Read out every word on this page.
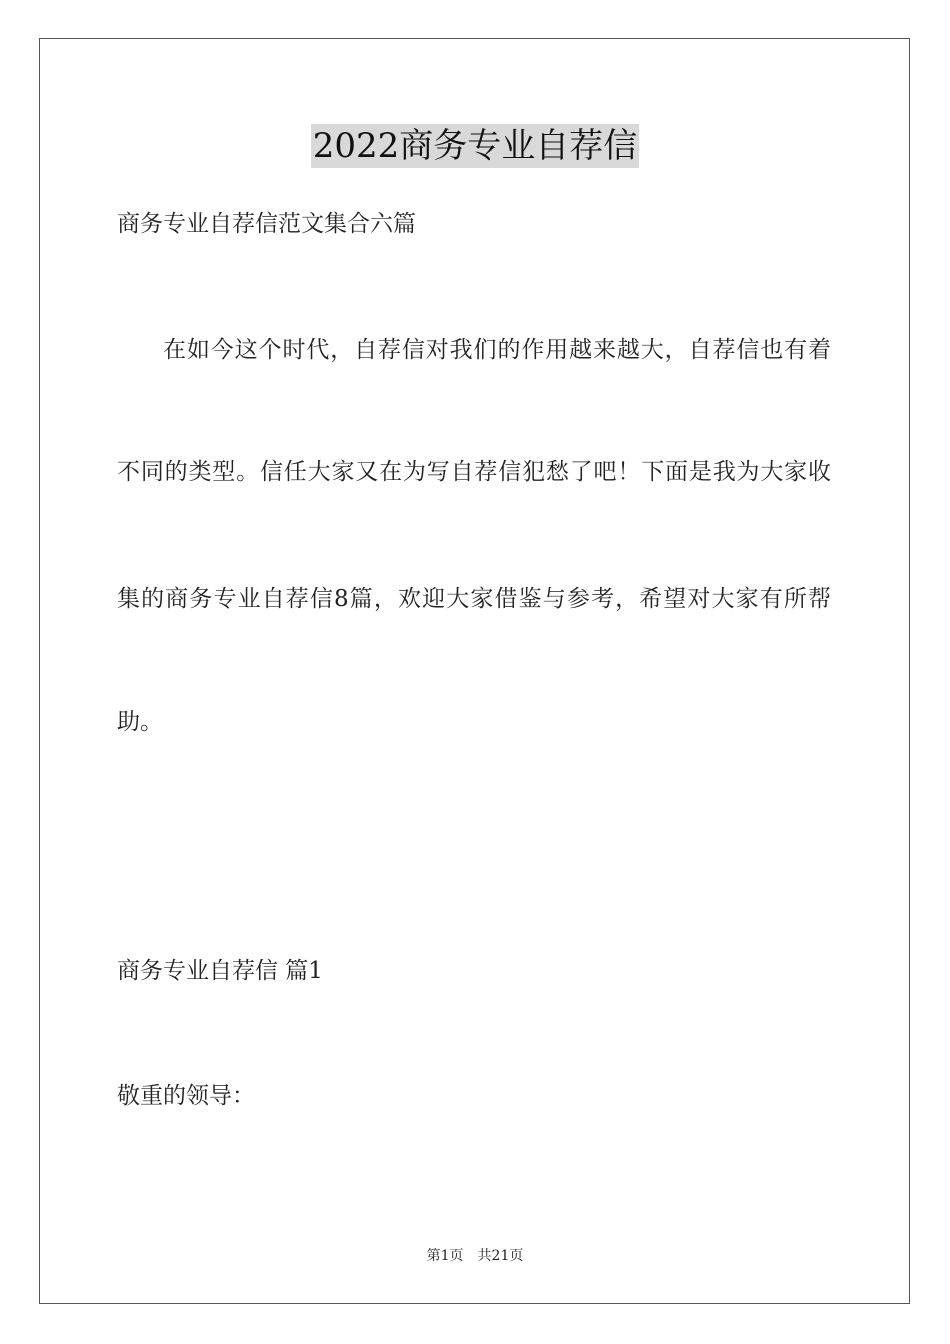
2022商务专业自荐信
商务专业自荐信范文集合六篇
在如今这个时代，自荐信对我们的作用越来越大，自荐信也有着
不同的类型。信任大家又在为写自荐信犯愁了吧！下面是我为大家收
集的商务专业自荐信8篇，欢迎大家借鉴与参考，希望对大家有所帮
助。
商务专业自荐信 篇1
敬重的领导：
第1页　共21页
